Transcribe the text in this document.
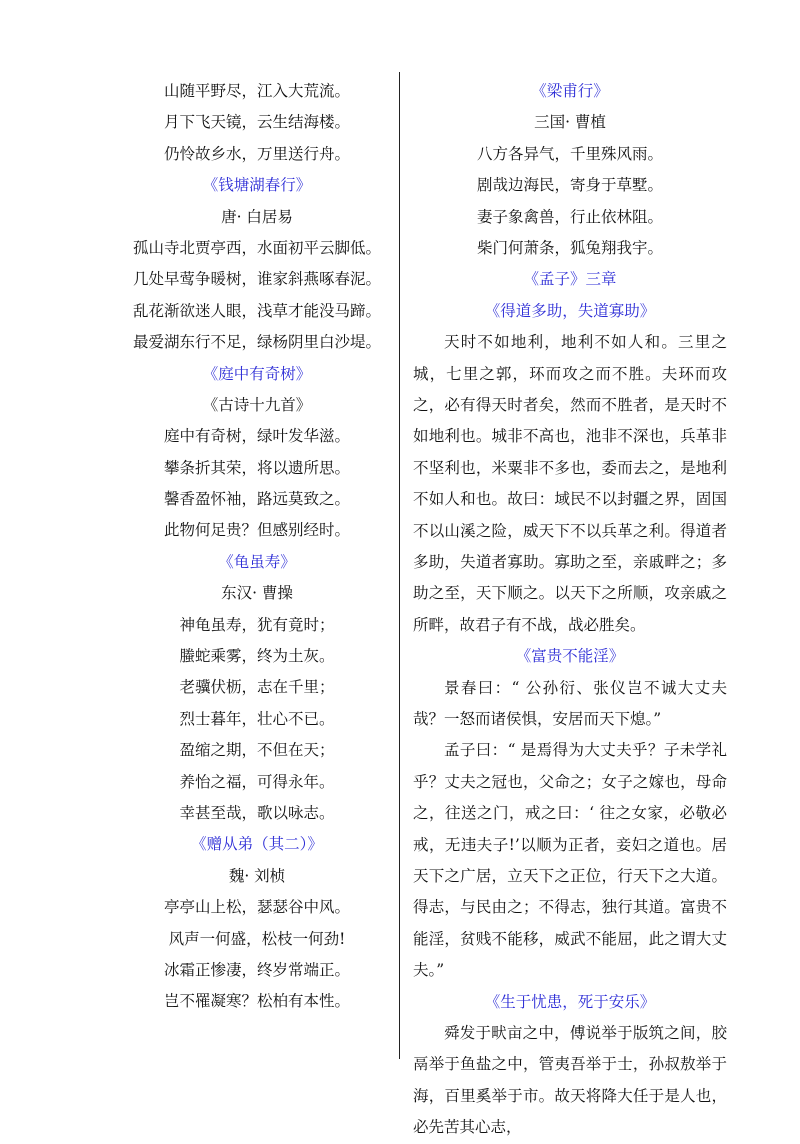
山随平野尽，江入大荒流。
月下飞天镜，云生结海楼。
仍怜故乡水，万里送行舟。
《钱塘湖春行》
唐· 白居易
孤山寺北贾亭西，水面初平云脚低。
几处早莺争暖树，谁家斜燕啄春泥。
乱花渐欲迷人眼，浅草才能没马蹄。
最爱湖东行不足，绿杨阴里白沙堤。
《庭中有奇树》
《古诗十九首》
庭中有奇树，绿叶发华滋。
攀条折其荣，将以遗所思。
馨香盈怀袖，路远莫致之。
此物何足贵？但感别经时。
《龟虽寿》
东汉· 曹操
神龟虽寿，犹有竟时；
螣蛇乘雾，终为土灰。
老骥伏枥，志在千里；
烈士暮年，壮心不已。
盈缩之期，不但在天；
养怡之福，可得永年。
幸甚至哉，歌以咏志。
《赠从弟（其二）》
魏· 刘桢
亭亭山上松，瑟瑟谷中风。
风声一何盛，松枝一何劲!
冰霜正惨凄，终岁常端正。
岂不罹凝寒？松柏有本性。
《梁甫行》
三国· 曹植
八方各异气，千里殊风雨。
剧哉边海民，寄身于草墅。
妻子象禽兽，行止依林阻。
柴门何萧条，狐兔翔我宇。
《孟子》三章
《得道多助，失道寡助》

天时不如地利，地利不如人和。三里之城，七里之郭，环而攻之而不胜。夫环而攻之，必有得天时者矣，然而不胜者，是天时不如地利也。城非不高也，池非不深也，兵革非不坚利也，米粟非不多也，委而去之，是地利不如人和也。故曰：域民不以封疆之界，固国不以山溪之险，威天下不以兵革之利。得道者多助，失道者寡助。寡助之至，亲戚畔之；多助之至，天下顺之。以天下之所顺，攻亲戚之所畔，故君子有不战，战必胜矣。

《富贵不能淫》

景春曰：“ 公孙衍、张仪岂不诚大丈夫哉？一怒而诸侯惧，安居而天下熄。”

孟子曰：“ 是焉得为大丈夫乎？子未学礼乎？丈夫之冠也，父命之；女子之嫁也，母命之，往送之门，戒之曰：‘ 往之女家，必敬必戒，无违夫子!’以顺为正者，妾妇之道也。居天下之广居，立天下之正位，行天下之大道。得志，与民由之；不得志，独行其道。富贵不能淫，贫贱不能移，威武不能屈，此之谓大丈夫。”

《生于忧患，死于安乐》

舜发于畎亩之中，傅说举于版筑之间，胶鬲举于鱼盐之中，管夷吾举于士，孙叔敖举于海，百里奚举于市。故天将降大任于是人也，必先苦其心志，
